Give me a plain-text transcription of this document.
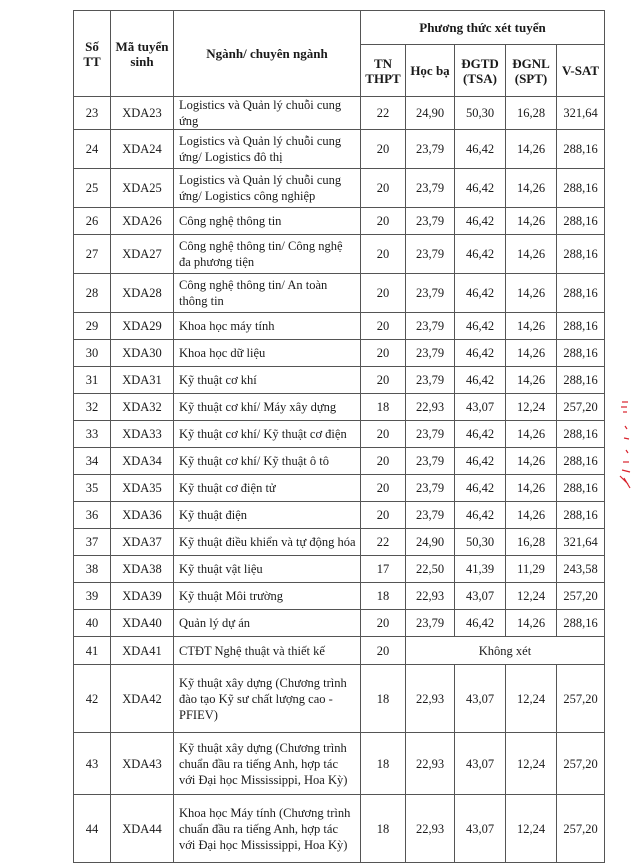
Số TT	Mã tuyển sinh	Ngành/ chuyên ngành	Phương thức xét tuyển				
			TN THPT	Học bạ	ĐGTD (TSA)	ĐGNL (SPT)	V-SAT
23	XDA23	Logistics và Quản lý chuỗi cung ứng	22	24,90	50,30	16,28	321,64
24	XDA24	Logistics và Quản lý chuỗi cung ứng/ Logistics đô thị	20	23,79	46,42	14,26	288,16
25	XDA25	Logistics và Quản lý chuỗi cung ứng/ Logistics công nghiệp	20	23,79	46,42	14,26	288,16
26	XDA26	Công nghệ thông tin	20	23,79	46,42	14,26	288,16
27	XDA27	Công nghệ thông tin/ Công nghệ đa phương tiện	20	23,79	46,42	14,26	288,16
28	XDA28	Công nghệ thông tin/ An toàn thông tin	20	23,79	46,42	14,26	288,16
29	XDA29	Khoa học máy tính	20	23,79	46,42	14,26	288,16
30	XDA30	Khoa học dữ liệu	20	23,79	46,42	14,26	288,16
31	XDA31	Kỹ thuật cơ khí	20	23,79	46,42	14,26	288,16
32	XDA32	Kỹ thuật cơ khí/ Máy xây dựng	18	22,93	43,07	12,24	257,20
33	XDA33	Kỹ thuật cơ khí/ Kỹ thuật cơ điện	20	23,79	46,42	14,26	288,16
34	XDA34	Kỹ thuật cơ khí/ Kỹ thuật ô tô	20	23,79	46,42	14,26	288,16
35	XDA35	Kỹ thuật cơ điện tử	20	23,79	46,42	14,26	288,16
36	XDA36	Kỹ thuật điện	20	23,79	46,42	14,26	288,16
37	XDA37	Kỹ thuật điều khiển và tự động hóa	22	24,90	50,30	16,28	321,64
38	XDA38	Kỹ thuật vật liệu	17	22,50	41,39	11,29	243,58
39	XDA39	Kỹ thuật Môi trường	18	22,93	43,07	12,24	257,20
40	XDA40	Quản lý dự án	20	23,79	46,42	14,26	288,16
41	XDA41	CTĐT Nghệ thuật và thiết kế	20	Không xét			
42	XDA42	Kỹ thuật xây dựng (Chương trình đào tạo Kỹ sư chất lượng cao - PFIEV)	18	22,93	43,07	12,24	257,20
43	XDA43	Kỹ thuật xây dựng (Chương trình chuẩn đầu ra tiếng Anh, hợp tác với Đại học Mississippi, Hoa Kỳ)	18	22,93	43,07	12,24	257,20
44	XDA44	Khoa học Máy tính (Chương trình chuẩn đầu ra tiếng Anh, hợp tác với Đại học Mississippi, Hoa Kỳ)	18	22,93	43,07	12,24	257,20
